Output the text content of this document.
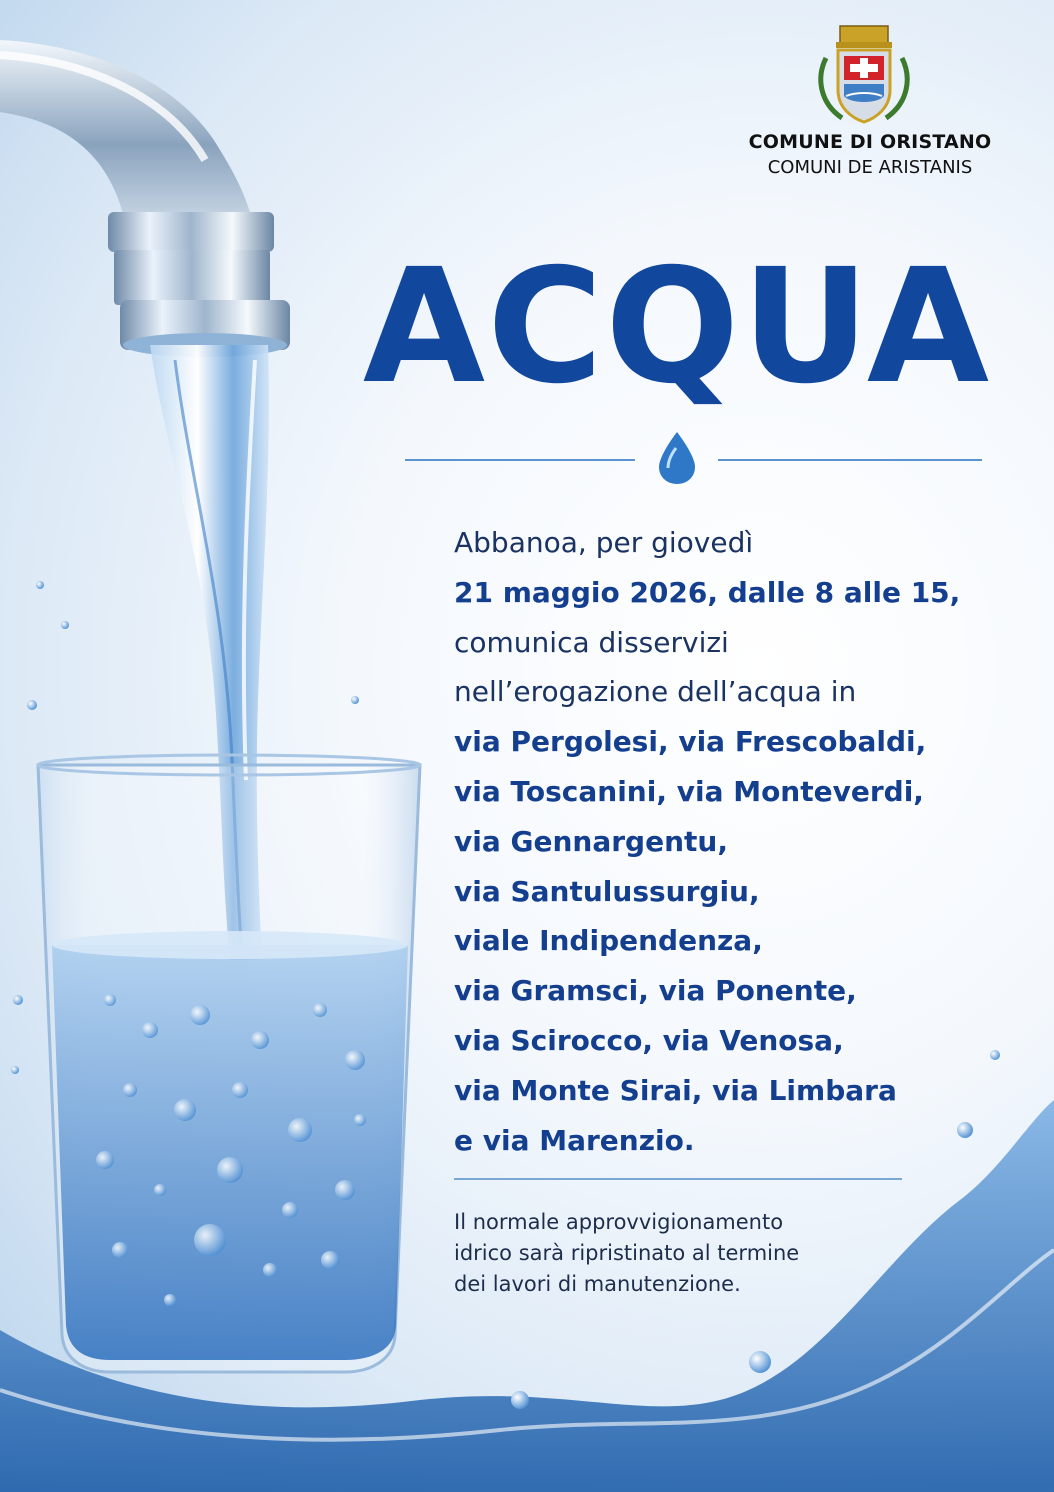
COMUNE DI ORISTANO
COMUNI DE ARISTANIS
ACQUA
Abbanoa, per giovedì
21 maggio 2026, dalle 8 alle 15,
comunica disservizi
nell’erogazione dell’acqua in
via Pergolesi, via Frescobaldi,
via Toscanini, via Monteverdi,
via Gennargentu,
via Santulussurgiu,
viale Indipendenza,
via Gramsci, via Ponente,
via Scirocco, via Venosa,
via Monte Sirai, via Limbara
e via Marenzio.
Il normale approvvigionamento
idrico sarà ripristinato al termine
dei lavori di manutenzione.
